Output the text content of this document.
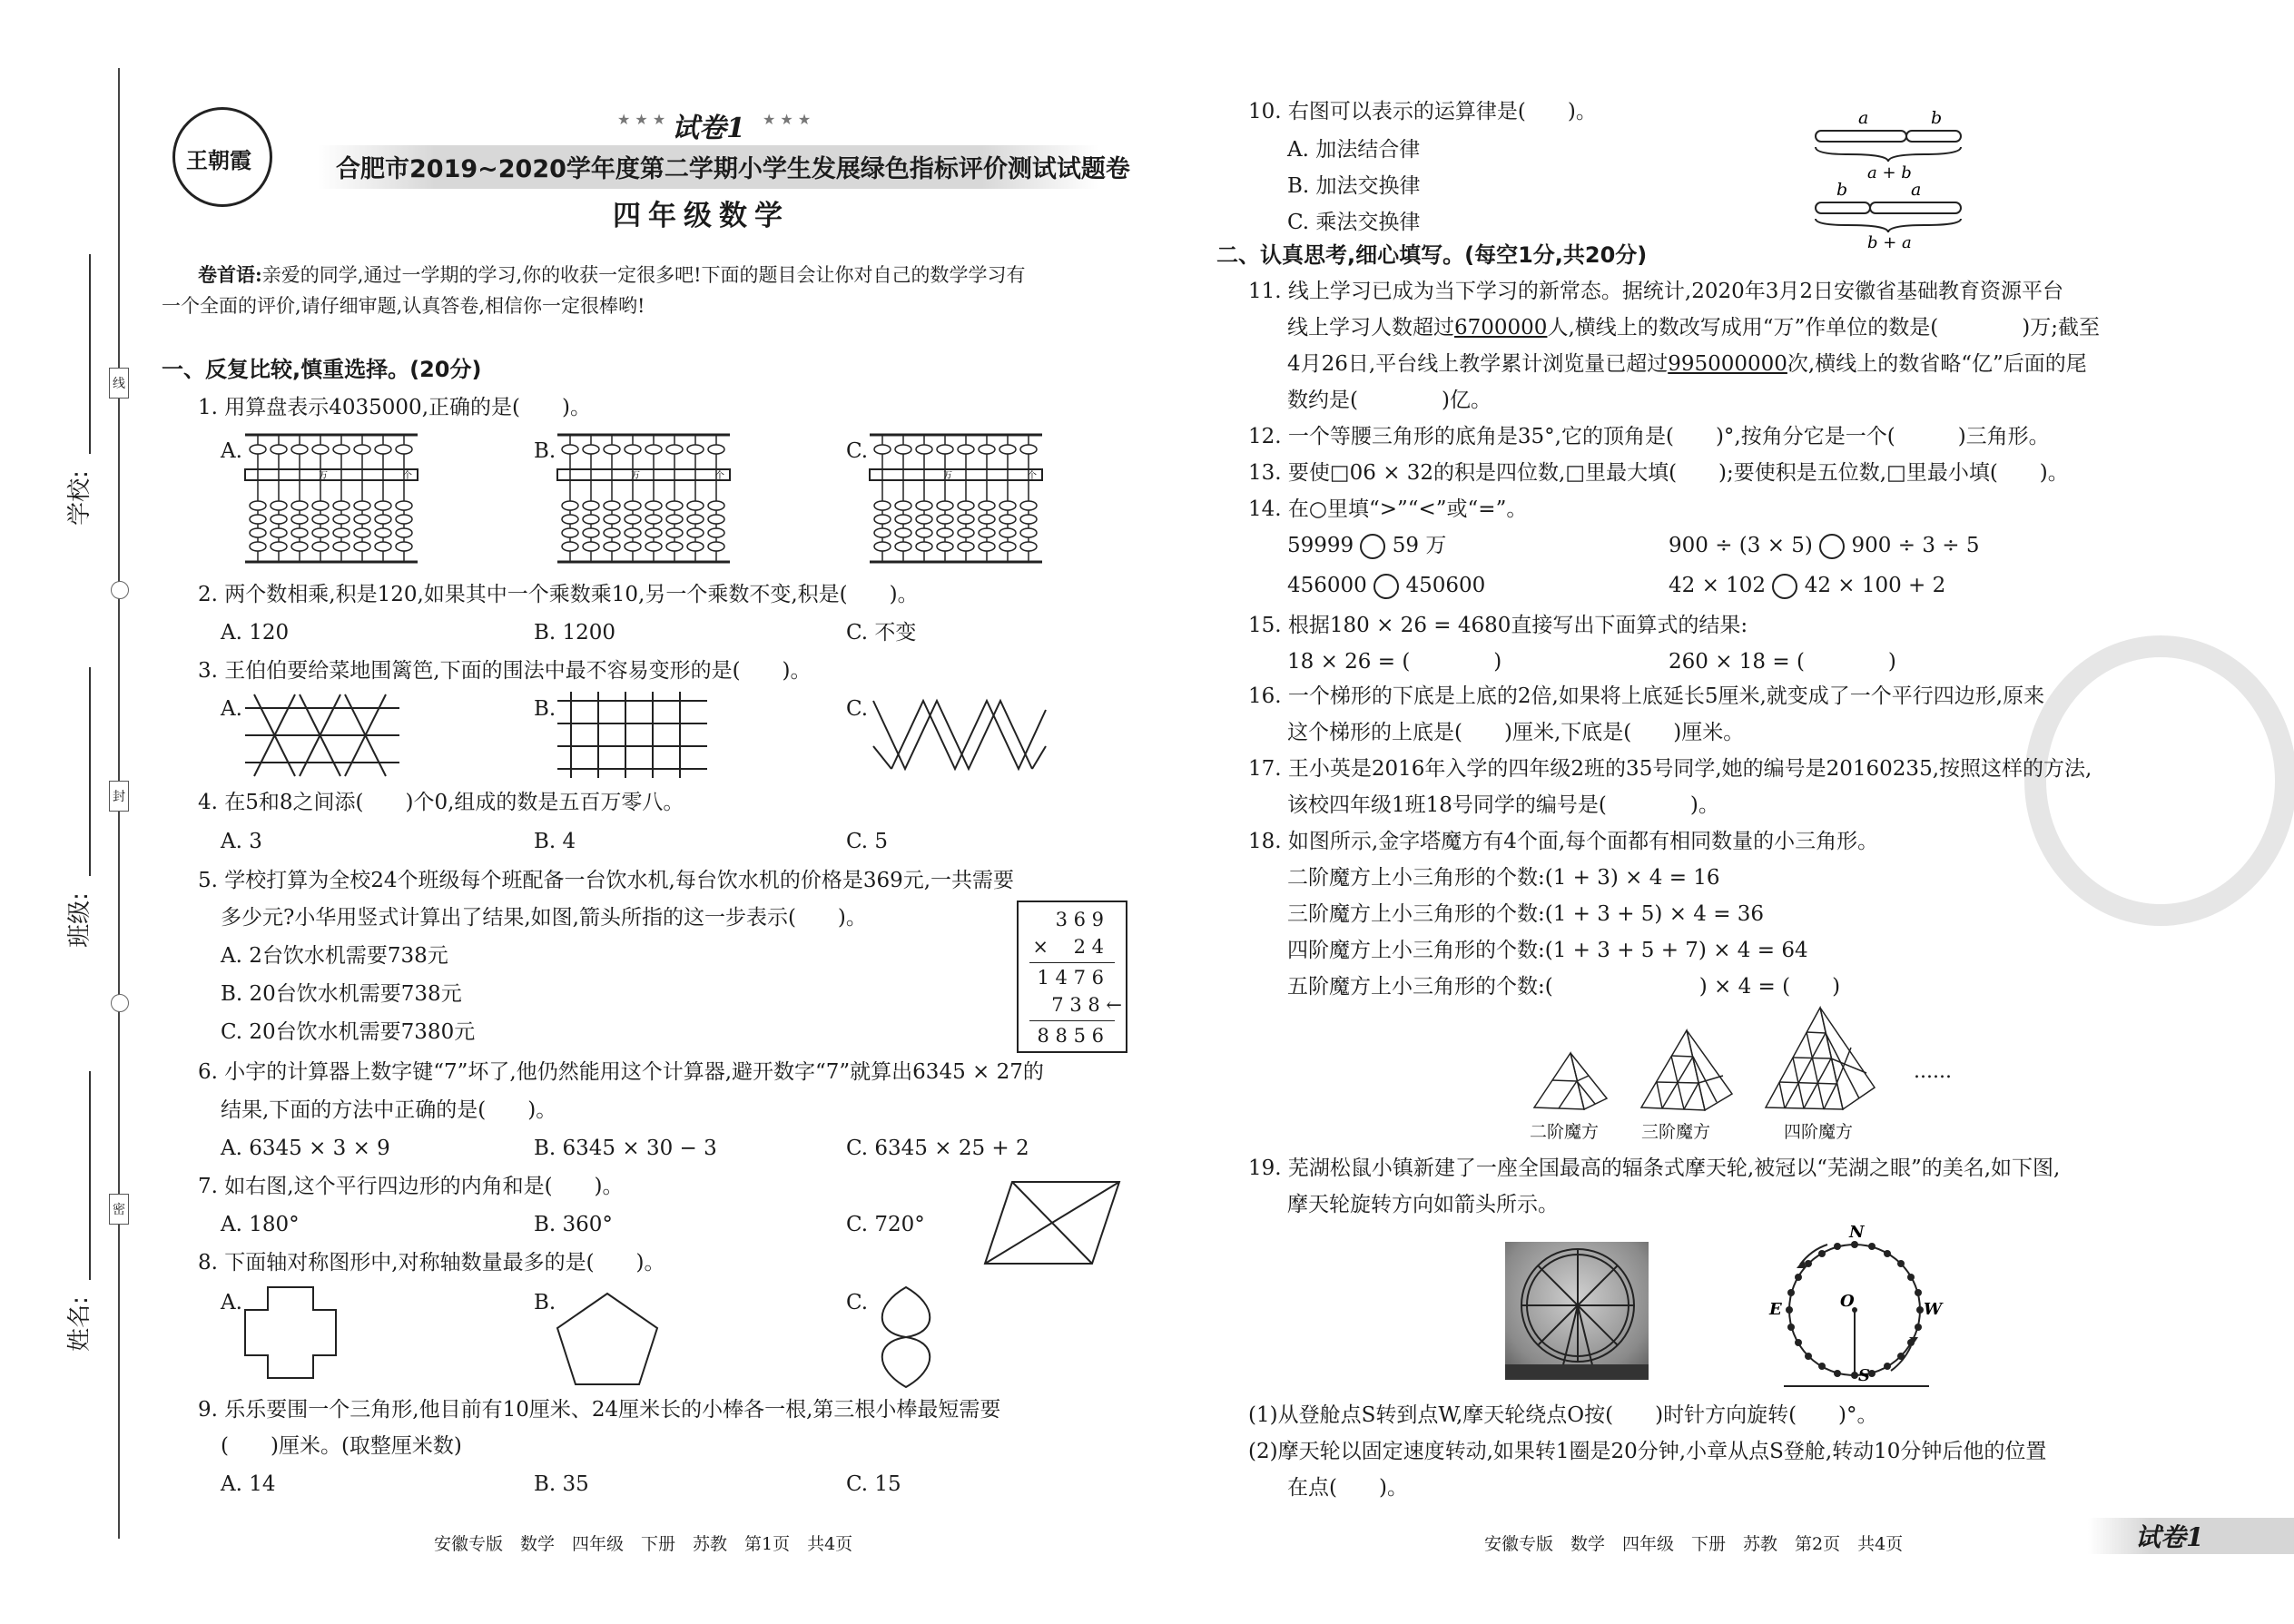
线
封
密
学校:
班级:
姓名:
王朝霞
★ ★ ★ 试卷1 ★ ★ ★
合肥市2019~2020学年度第二学期小学生发展绿色指标评价测试试题卷
四年级数学
卷首语:亲爱的同学,通过一学期的学习,你的收获一定很多吧!下面的题目会让你对自己的数学学习有
一个全面的评价,请仔细审题,认真答卷,相信你一定很棒哟!
一、反复比较,慎重选择。(20分)
1. 用算盘表示4035000,正确的是(　　)。
A.	B.	C.
万	个	万	个	万	个
2. 两个数相乘,积是120,如果其中一个乘数乘10,另一个乘数不变,积是(　　)。
A. 120	B. 1200	C. 不变
3. 王伯伯要给菜地围篱笆,下面的围法中最不容易变形的是(　　)。
A.	B.	C.
4. 在5和8之间添(　　)个0,组成的数是五百万零八。
A. 3	B. 4	C. 5
5. 学校打算为全校24个班级每个班配备一台饮水机,每台饮水机的价格是369元,一共需要
多少元?小华用竖式计算出了结果,如图,箭头所指的这一步表示(　　)。
A. 2台饮水机需要738元
B. 20台饮水机需要738元
C. 20台饮水机需要7380元
3 6 9
× 　2 4
1 4 7 6
7 3 8 ←
8 8 5 6
6. 小宇的计算器上数字键“7”坏了,他仍然能用这个计算器,避开数字“7”就算出6345 × 27的
结果,下面的方法中正确的是(　　)。
A. 6345 × 3 × 9	B. 6345 × 30 − 3	C. 6345 × 25 + 2
7. 如右图,这个平行四边形的内角和是(　　)。
A. 180°	B. 360°	C. 720°
8. 下面轴对称图形中,对称轴数量最多的是(　　)。
A.	B.	C.
9. 乐乐要围一个三角形,他目前有10厘米、24厘米长的小棒各一根,第三根小棒最短需要
(　　)厘米。(取整厘米数)
A. 14	B. 35	C. 15
安徽专版　数学　四年级　下册　苏教　第1页　共4页
10. 右图可以表示的运算律是(　　)。
A. 加法结合律
B. 加法交换律
C. 乘法交换律
a	b
a + b
b	a
b + a
二、认真思考,细心填写。(每空1分,共20分)
11. 线上学习已成为当下学习的新常态。据统计,2020年3月2日安徽省基础教育资源平台
线上学习人数超过6700000人,横线上的数改写成用“万”作单位的数是(　　　　)万;截至
4月26日,平台线上教学累计浏览量已超过995000000次,横线上的数省略“亿”后面的尾
数约是(　　　　)亿。
12. 一个等腰三角形的底角是35°,它的顶角是(　　)°,按角分它是一个(　　　)三角形。
13. 要使□06 × 32的积是四位数,□里最大填(　　);要使积是五位数,□里最小填(　　)。
14. 在○里填“>”“<”或“=”。
59999 59 万	900 ÷ (3 × 5) 900 ÷ 3 ÷ 5
456000 450600	42 × 102 42 × 100 + 2
15. 根据180 × 26 = 4680直接写出下面算式的结果:
18 × 26 = (　　　　)	260 × 18 = (　　　　)
16. 一个梯形的下底是上底的2倍,如果将上底延长5厘米,就变成了一个平行四边形,原来
这个梯形的上底是(　　)厘米,下底是(　　)厘米。
17. 王小英是2016年入学的四年级2班的35号同学,她的编号是20160235,按照这样的方法,
该校四年级1班18号同学的编号是(　　　　)。
18. 如图所示,金字塔魔方有4个面,每个面都有相同数量的小三角形。
二阶魔方上小三角形的个数:(1 + 3) × 4 = 16
三阶魔方上小三角形的个数:(1 + 3 + 5) × 4 = 36
四阶魔方上小三角形的个数:(1 + 3 + 5 + 7) × 4 = 64
五阶魔方上小三角形的个数:(　　　　　　　) × 4 = (　　)
二阶魔方 三阶魔方	四阶魔方
......
19. 芜湖松鼠小镇新建了一座全国最高的辐条式摩天轮,被冠以“芜湖之眼”的美名,如下图,
摩天轮旋转方向如箭头所示。
N
E	W
O
S
(1)从登舱点S转到点W,摩天轮绕点O按(　　)时针方向旋转(　　)°。
(2)摩天轮以固定速度转动,如果转1圈是20分钟,小章从点S登舱,转动10分钟后他的位置
在点(　　)。
安徽专版　数学　四年级　下册　苏教　第2页　共4页	试卷1
